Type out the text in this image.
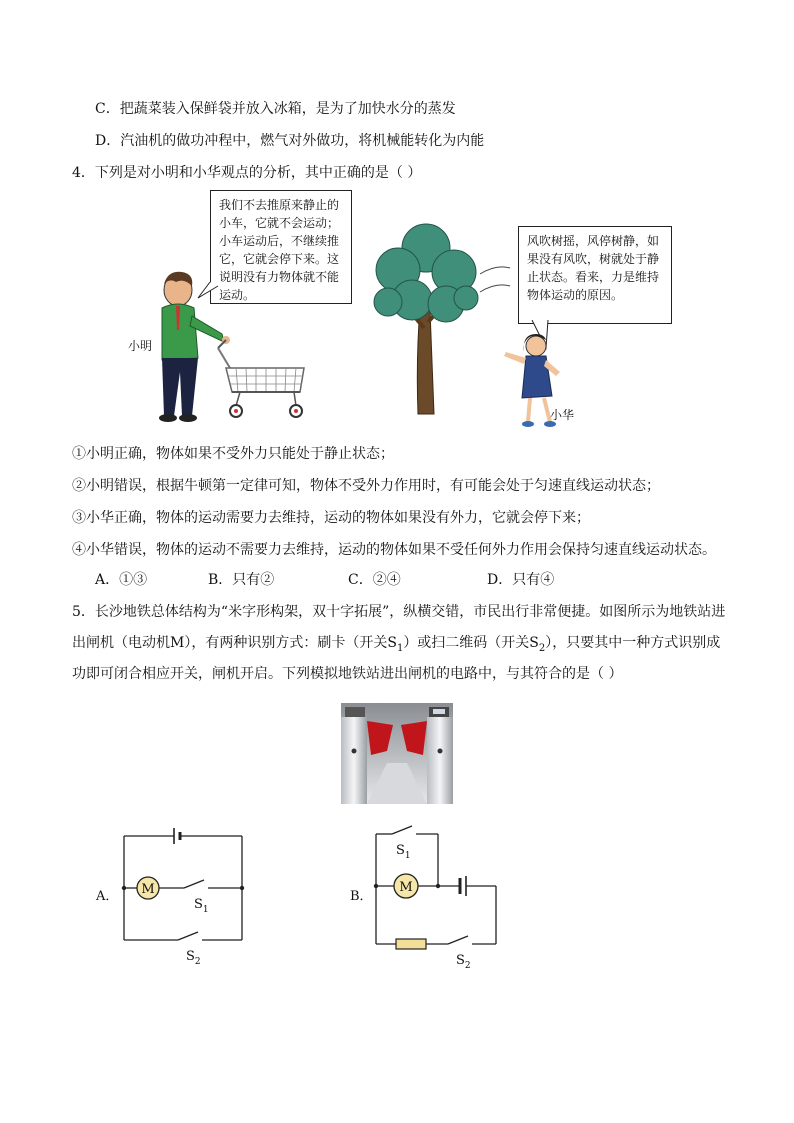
C．把蔬菜装入保鲜袋并放入冰箱，是为了加快水分的蒸发
D．汽油机的做功冲程中，燃气对外做功，将机械能转化为内能
4．下列是对小明和小华观点的分析，其中正确的是（ ）
我们不去推原来静止的小车，它就不会运动；小车运动后，不继续推它，它就会停下来。这说明没有力物体就不能运动。
小明
风吹树摇，风停树静，如果没有风吹，树就处于静止状态。看来，力是维持物体运动的原因。
小华
①小明正确，物体如果不受外力只能处于静止状态；
②小明错误，根据牛顿第一定律可知，物体不受外力作用时，有可能会处于匀速直线运动状态；
③小华正确，物体的运动需要力去维持，运动的物体如果没有外力，它就会停下来；
④小华错误，物体的运动不需要力去维持，运动的物体如果不受任何外力作用会保持匀速直线运动状态。
A．①③	B．只有②	C．②④	D．只有④
5．长沙地铁总体结构为“米字形构架，双十字拓展”，纵横交错，市民出行非常便捷。如图所示为地铁站进
出闸机（电动机M），有两种识别方式：刷卡（开关$S_1$）或扫二维码（开关$S_2$），只要其中一种方式识别成
功即可闭合相应开关，闸机开启。下列模拟地铁站进出闸机的电路中，与其符合的是（ ）
A． M
$S_1$
$S_2$
B．
M
$S_1$
$S_2$
